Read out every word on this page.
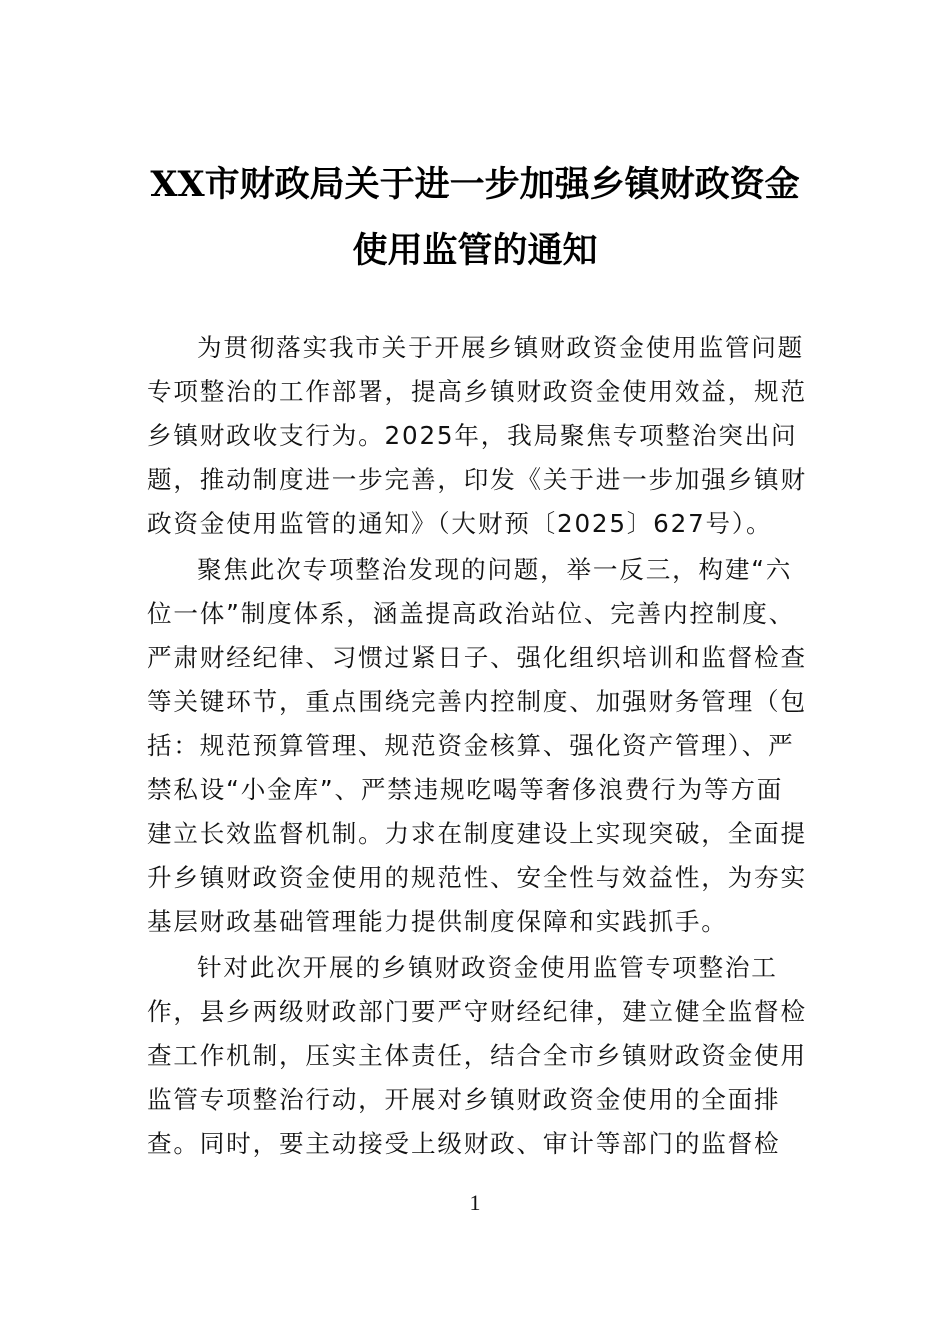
XX市财政局关于进一步加强乡镇财政资金
使用监管的通知
为贯彻落实我市关于开展乡镇财政资金使用监管问题
专项整治的工作部署，提高乡镇财政资金使用效益，规范
乡镇财政收支行为。2025年，我局聚焦专项整治突出问
题，推动制度进一步完善，印发《关于进一步加强乡镇财
政资金使用监管的通知》（大财预〔2025〕627号）。
聚焦此次专项整治发现的问题，举一反三，构建“六
位一体”制度体系，涵盖提高政治站位、完善内控制度、
严肃财经纪律、习惯过紧日子、强化组织培训和监督检查
等关键环节，重点围绕完善内控制度、加强财务管理（包
括：规范预算管理、规范资金核算、强化资产管理）、严
禁私设“小金库”、严禁违规吃喝等奢侈浪费行为等方面
建立长效监督机制。力求在制度建设上实现突破，全面提
升乡镇财政资金使用的规范性、安全性与效益性，为夯实
基层财政基础管理能力提供制度保障和实践抓手。
针对此次开展的乡镇财政资金使用监管专项整治工
作，县乡两级财政部门要严守财经纪律，建立健全监督检
查工作机制，压实主体责任，结合全市乡镇财政资金使用
监管专项整治行动，开展对乡镇财政资金使用的全面排
查。同时，要主动接受上级财政、审计等部门的监督检
1
